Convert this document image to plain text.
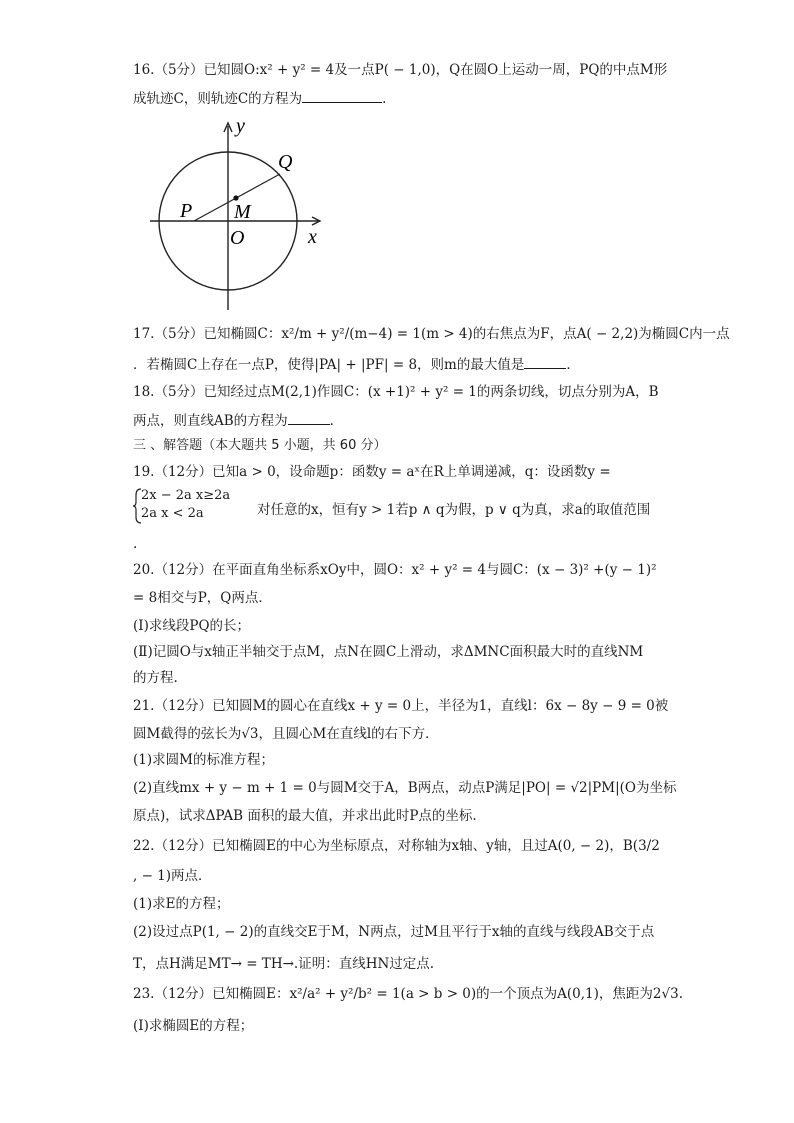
16.（5分）已知圆O:x² + y² = 4及一点P( − 1,0)，Q在圆O上运动一周，PQ的中点M形
成轨迹C，则轨迹C的方程为	.
y
x
P M
O
Q
17.（5分）已知椭圆C：x²/m + y²/(m−4) = 1(m > 4)的右焦点为F，点A( − 2,2)为椭圆C内一点
．若椭圆C上存在一点P，使得|PA| + |PF| = 8，则m的最大值是	．
18.（5分）已知经过点M(2,1)作圆C：(x +1)² + y² = 1的两条切线，切点分别为A，B
两点，则直线AB的方程为	．
三 、解答题（本大题共 5 小题，共 60 分）
19.（12分）已知a > 0，设命题p：函数y = aˣ在R上单调递减，q：设函数y =
2x − 2a x≥2a
2a x < 2a	对任意的x，恒有y > 1若p ∧ q为假，p ∨ q为真，求a的取值范围
.
20.（12分）在平面直角坐标系xOy中，圆O：x² + y² = 4与圆C：(x − 3)² +(y − 1)²
= 8相交与P，Q两点．
(Ⅰ)求线段PQ的长；
(Ⅱ)记圆O与x轴正半轴交于点M，点N在圆C上滑动，求ΔMNC面积最大时的直线NM
的方程.
21.（12分）已知圆M的圆心在直线x + y = 0上，半径为1，直线l：6x − 8y − 9 = 0被
圆M截得的弦长为√3，且圆心M在直线l的右下方．
(1)求圆M的标准方程；
(2)直线mx + y − m + 1 = 0与圆M交于A，B两点，动点P满足|PO| = √2|PM|(O为坐标
原点)，试求ΔPAB 面积的最大值，并求出此时P点的坐标.
22.（12分）已知椭圆E的中心为坐标原点，对称轴为x轴、y轴，且过A(0, − 2)，B(3/2
, − 1)两点．
(1)求E的方程；
(2)设过点P(1, − 2)的直线交E于M，N两点，过M且平行于x轴的直线与线段AB交于点
T，点H满足MT→ = TH→.证明：直线HN过定点.
23.（12分）已知椭圆E：x²/a² + y²/b² = 1(a > b > 0)的一个顶点为A(0,1)，焦距为2√3.
(Ⅰ)求椭圆E的方程；
